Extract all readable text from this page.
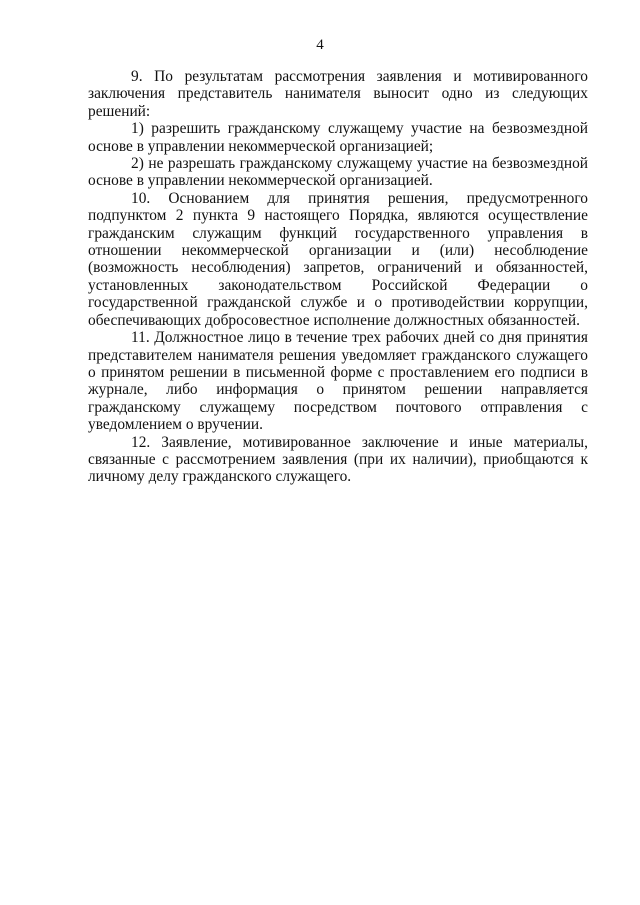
4

9. По результатам рассмотрения заявления и мотивированного заключения представитель нанимателя выносит одно из следующих решений:

1) разрешить гражданскому служащему участие на безвозмездной основе в управлении некоммерческой организацией;

2) не разрешать гражданскому служащему участие на безвозмездной основе в управлении некоммерческой организацией.

10. Основанием для принятия решения, предусмотренного подпунктом 2 пункта 9 настоящего Порядка, являются осуществление гражданским служащим функций государственного управления в отношении некоммерческой организации и (или) несоблюдение (возможность несоблюдения) запретов, ограничений и обязанностей, установленных законодательством Российской Федерации о государственной гражданской службе и о противодействии коррупции, обеспечивающих добросовестное исполнение должностных обязанностей.

11. Должностное лицо в течение трех рабочих дней со дня принятия представителем нанимателя решения уведомляет гражданского служащего о принятом решении в письменной форме с проставлением его подписи в журнале, либо информация о принятом решении направляется гражданскому служащему посредством почтового отправления с уведомлением о вручении.

12. Заявление, мотивированное заключение и иные материалы, связанные с рассмотрением заявления (при их наличии), приобщаются к личному делу гражданского служащего.
